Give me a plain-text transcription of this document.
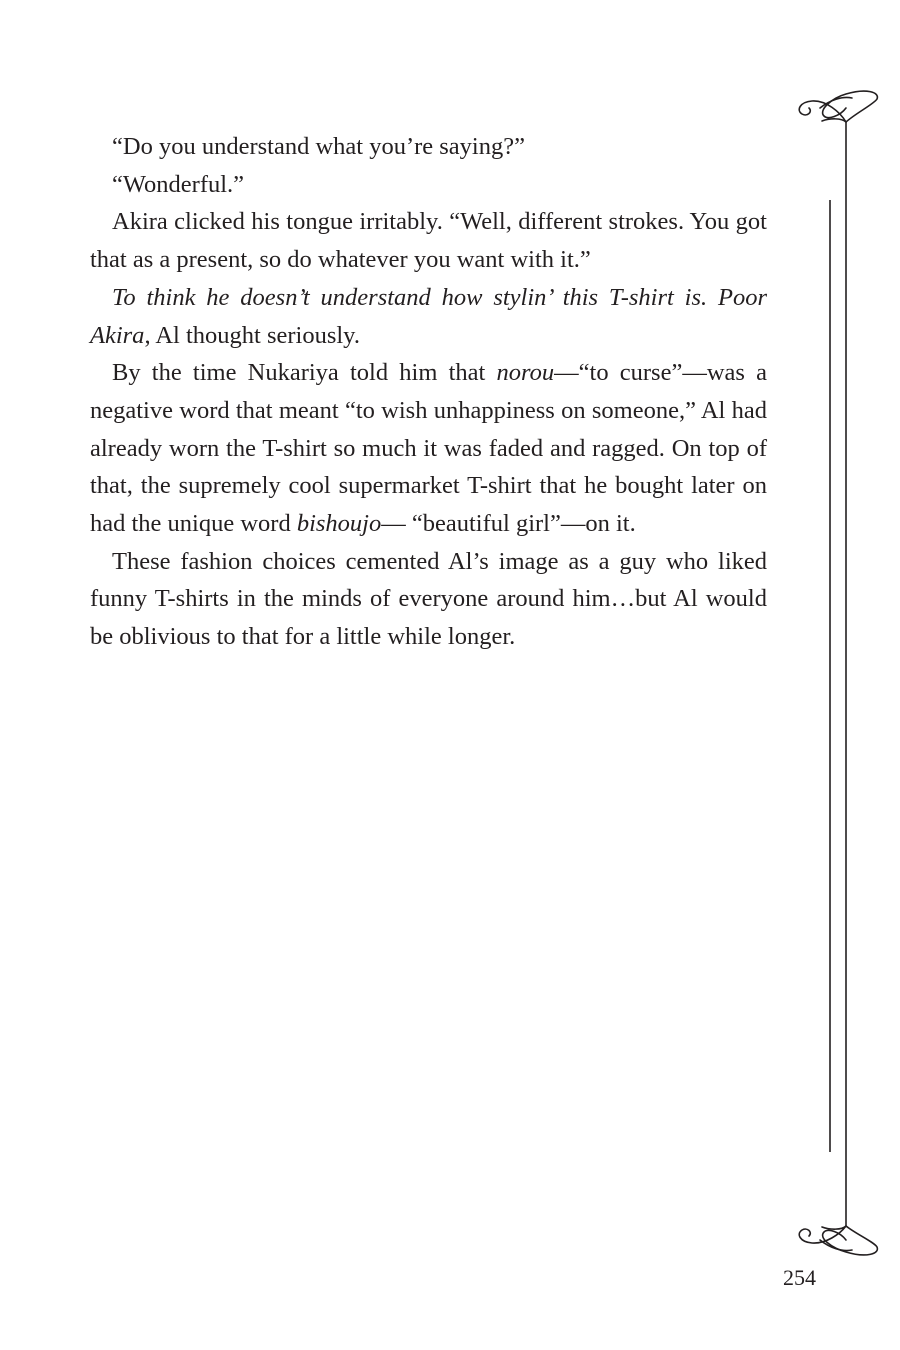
“Do you understand what you’re saying?”

“Wonderful.”

Akira clicked his tongue irritably. “Well, different strokes. You got that as a present, so do whatever you want with it.”

To think he doesn’t understand how stylin’ this T-shirt is. Poor Akira, Al thought seriously.

By the time Nukariya told him that norou—“to curse”—was a negative word that meant “to wish unhappiness on someone,” Al had already worn the T-shirt so much it was faded and ragged. On top of that, the supremely cool supermarket T-shirt that he bought later on had the unique word bishoujo— “beautiful girl”—on it.

These fashion choices cemented Al’s image as a guy who liked funny T-shirts in the minds of everyone around him…but Al would be oblivious to that for a little while longer.

254
